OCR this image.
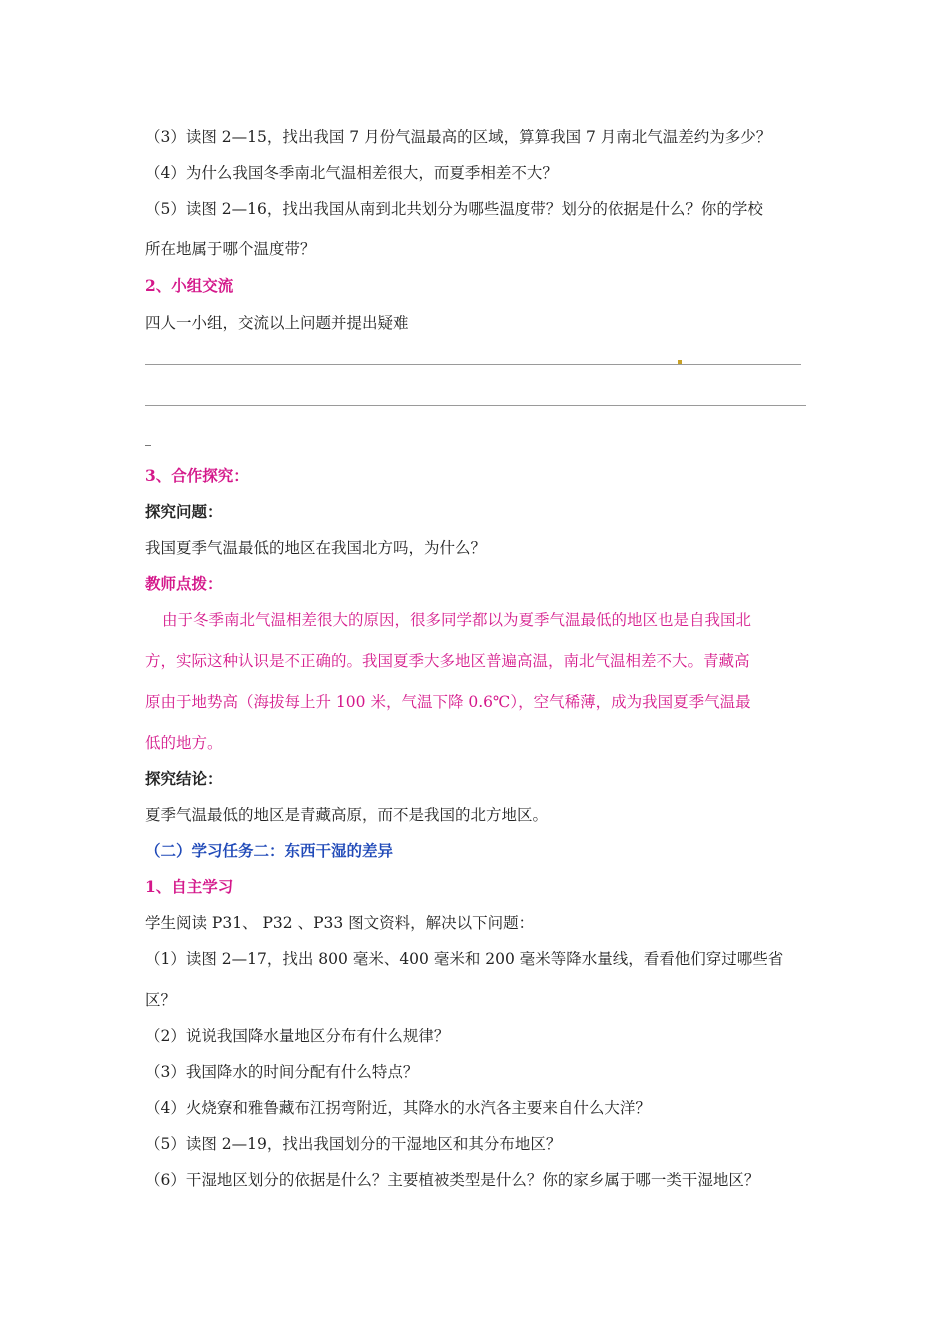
（3）读图 2—15，找出我国 7 月份气温最高的区域，算算我国 7 月南北气温差约为多少？
（4）为什么我国冬季南北气温相差很大，而夏季相差不大？
（5）读图 2—16，找出我国从南到北共划分为哪些温度带？划分的依据是什么？你的学校
所在地属于哪个温度带？
2、小组交流
四人一小组，交流以上问题并提出疑难
3、合作探究：
探究问题：
我国夏季气温最低的地区在我国北方吗，为什么？
教师点拨：
由于冬季南北气温相差很大的原因，很多同学都以为夏季气温最低的地区也是自我国北
方，实际这种认识是不正确的。我国夏季大多地区普遍高温，南北气温相差不大。青藏高
原由于地势高（海拔每上升 100 米，气温下降 0.6℃），空气稀薄，成为我国夏季气温最
低的地方。
探究结论：
夏季气温最低的地区是青藏高原，而不是我国的北方地区。
（二）学习任务二：东西干湿的差异
1、自主学习
学生阅读 P31、 P32 、P33 图文资料，解决以下问题：
（1）读图 2—17，找出 800 毫米、400 毫米和 200 毫米等降水量线，看看他们穿过哪些省
区？
（2）说说我国降水量地区分布有什么规律？
（3）我国降水的时间分配有什么特点？
（4）火烧寮和雅鲁藏布江拐弯附近，其降水的水汽各主要来自什么大洋？
（5）读图 2—19，找出我国划分的干湿地区和其分布地区？
（6）干湿地区划分的依据是什么？主要植被类型是什么？你的家乡属于哪一类干湿地区？
